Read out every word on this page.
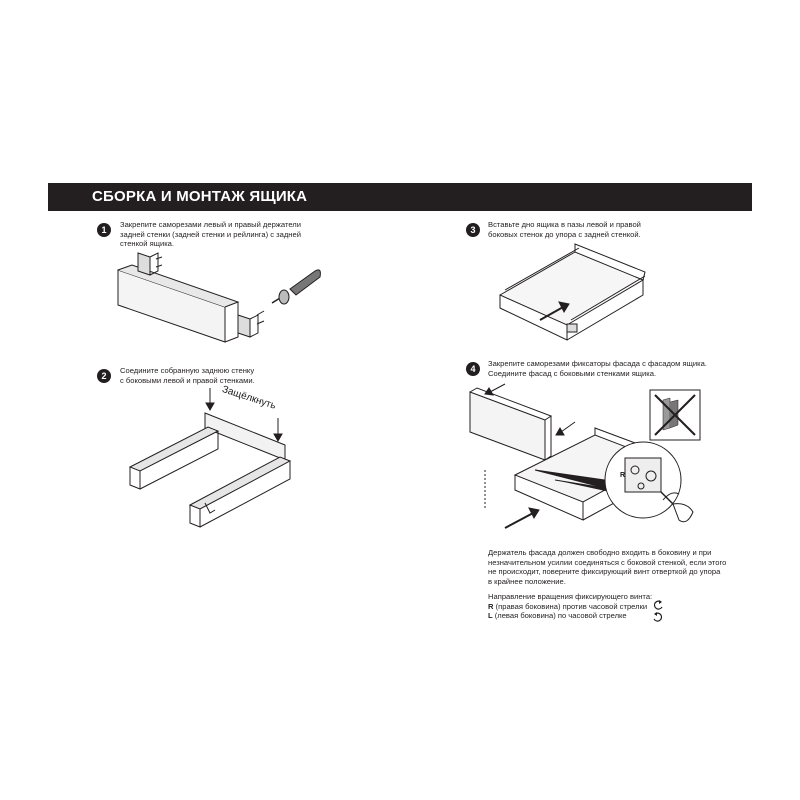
СБОРКА И МОНТАЖ ЯЩИКА
1
Закрепите саморезами левый и правый держатели
задней стенки (задней стенки и рейлинга) с задней
стенкой ящика.
2
Соедините собранную заднюю стенку
с боковыми левой и правой стенками.
Защёлкнуть
3
Вставьте дно ящика в пазы левой и правой
боковых стенок до упора с задней стенкой.
4
Закрепите саморезами фиксаторы фасада с фасадом ящика.
Соедините фасад с боковыми стенками ящика.
R
Держатель фасада должен свободно входить в боковину и при
незначительном усилии соединяться с боковой стенкой, если этого
не происходит, поверните фиксирующий винт отверткой до упора
в крайнее положение.
Направление вращения фиксирующего винта:
R (правая боковина) против часовой стрелки
L (левая боковина) по часовой стрелке
